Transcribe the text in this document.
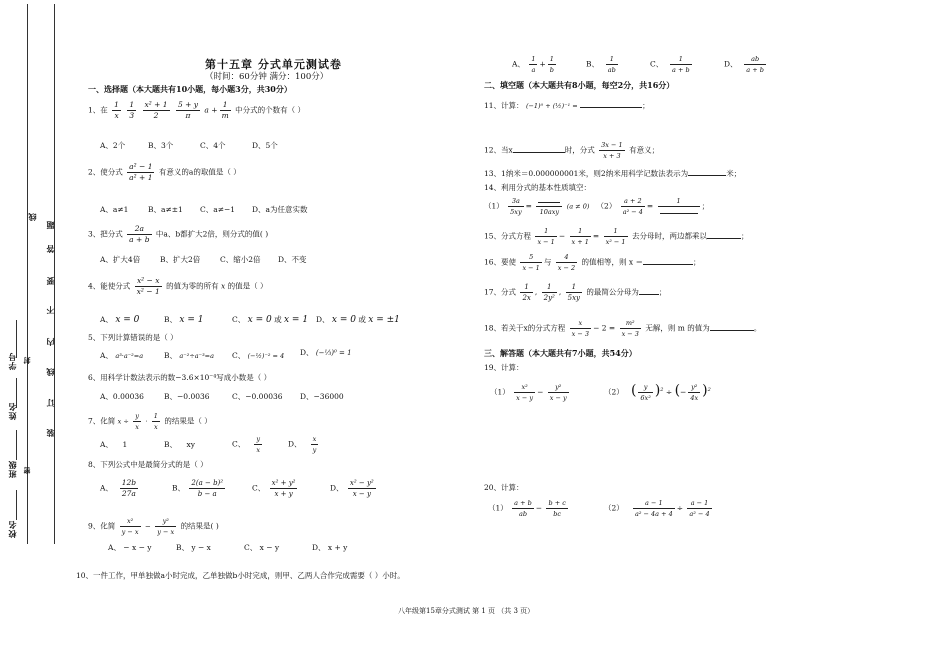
线
题
答
要
不
内
线
订
装
学号 封
姓名
班级 密
校名
第十五章 分式单元测试卷
（时间：60分钟 满分：100分）
一、选择题（本大题共有10小题，每小题3分，共30分）
1、在 $\frac{1}{x}$
$\frac{1}{3}$
$\frac{\text{x² + 1}}{2}$
$\frac{5 + y}{\pi}$ $a + \frac{1}{m}$ 中分式的个数有（ ）
A、2个	B、3个	C、4个	D、5个
2、使分式 $\frac{\text{a² − 1}}{\text{a² + 1}}$ 有意义的a的取值是（ ）
A、a≠1	B、a≠±1 C、a≠−1 D、a为任意实数
3、把分式 $\frac{2a}{a + b}$ 中a、b都扩大2倍，则分式的值( )
A、扩大4倍	B、扩大2倍	C、缩小2倍 D、不变
4、能使分式 $\frac{\text{x² − x}}{\text{x² − 1}}$ 的值为零的所有 x 的值是（ ）
A、 x = 0	B、 x = 1	C、 x = 0 或 x = 1 D、 x = 0 或 x = ±1
5、下列计算错误的是（ ）
A、 a³·a⁻²=a	B、 a⁻²÷a⁻³=a C、 (−½)⁻² = 4 D、 (−⅓)⁰ = 1
6、用科学计数法表示的数−3.6×10⁻⁴写成小数是（ ）
A、0.00036	B、−0.0036	C、−0.00036 D、−36000
7、化简 $x \div \frac{y}{x} \cdot \frac{1}{x}$ 的结果是（ ）
A、    1	B、    xy	C、 $\frac{y}{x}$	D、 $\frac{x}{y}$
8、下列公式中是最简分式的是（ ）
A、 $\frac{12b}{27a}$	B、 $\frac{\text{2(a − b)²}}{b - a}$	C、 $\frac{\text{x² + y²}}{x + y}$	D、 $\frac{\text{x² − y²}}{x - y}$
9、化简 $\frac{\text{x²}}{y - x} - \frac{\text{y²}}{y - x}$ 的结果是( )
A、 − x − y	B、 y − x	C、 x − y	D、 x + y
10、一件工作，甲单独做a小时完成，乙单独做b小时完成，则甲、乙两人合作完成需要（ ）小时。
A、 $\frac{1}{a} + \frac{1}{b}$	B、 $\frac{1}{ab}$	C、 $\frac{1}{a + b}$	D、 $\frac{ab}{a + b}$
二、填空题（本大题共有8小题，每空2分，共16分）
11、计算： (−1)⁰ + (½)⁻¹ =	；
12、当x	时，分式 $\frac{3x - 1}{x + 3}$ 有意义；
13、1纳米＝0.000000001米，则2纳米用科学记数法表示为	米；
14、利用分式的基本性质填空：
$(1) \frac{3a}{5xy}$ =
10axy
(a ≠ 0) $(2) \frac{a + 2}{\text{a² − 4}}$ =
1
；
15、分式方程 $\frac{1}{x - 1} - \frac{1}{x + 1} = \frac{1}{\text{x² − 1}}$ 去分母时，两边都乘以	；
16、要使 $\frac{5}{x - 1}$ 与 $\frac{4}{x - 2}$ 的值相等，则 x ＝	；
17、分式 $\frac{1}{2x}$ , $\frac{1}{\text{2y²}}$ , $\frac{1}{5xy}$ 的最简公分母为	；
18、若关于x的分式方程 $\frac{x}{x - 3} - 2 = \frac{\text{m²}}{x - 3}$ 无解，则 m 的值为	。
三、解答题（本大题共有7小题，共54分）
19、计算：
$(1) \frac{\text{x²}}{x - y} - \frac{\text{y²}}{x - y}$	（2） ( $\frac{y}{\text{6x²}} )^2$ ÷ (− $\frac{\text{y²}}{4x} )^2$
20、计算：
$(1) \frac{a + b}{ab} - \frac{b + c}{bc}$	$(2) \frac{a - 1}{\text{a² − 4a + 4}} \div \frac{a - 1}{\text{a² − 4}}$
八年级第15章分式测试 第 1 页 （共 3 页）
